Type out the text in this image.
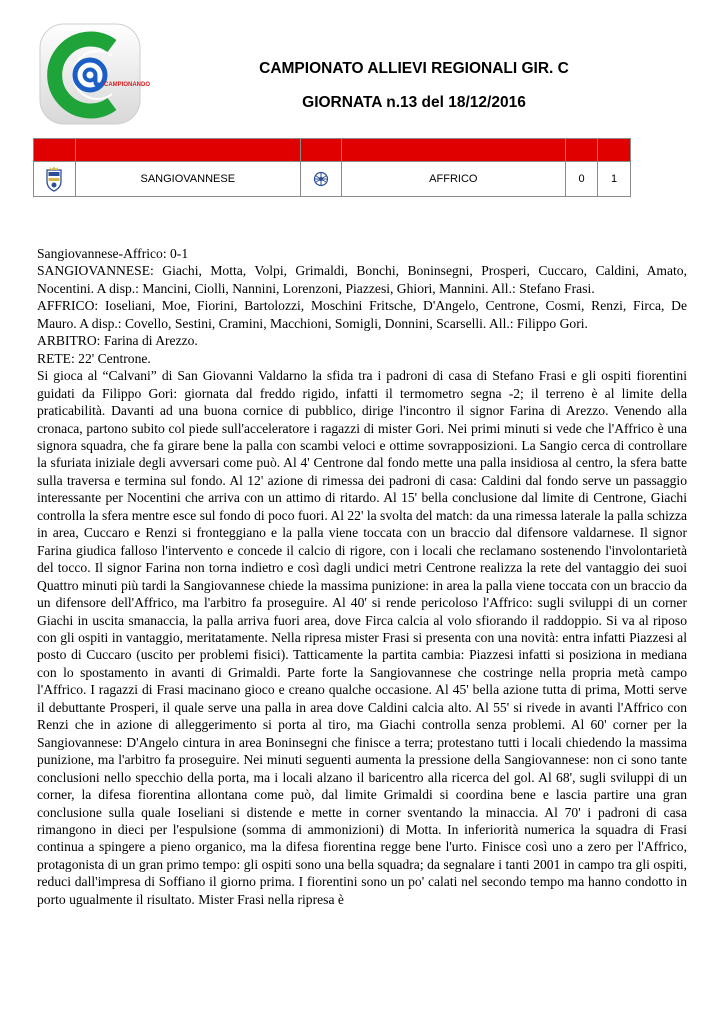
CAMPIONANDO
CAMPIONATO ALLIEVI REGIONALI GIR. C
GIORNATA n.13 del 18/12/2016

	SANGIOVANNESE		AFFRICO	0	1

Sangiovannese-Affrico: 0-1

SANGIOVANNESE: Giachi, Motta, Volpi, Grimaldi, Bonchi, Boninsegni, Prosperi, Cuccaro, Caldini, Amato, Nocentini. A disp.: Mancini, Ciolli, Nannini, Lorenzoni, Piazzesi, Ghiori, Mannini. All.: Stefano Frasi.

AFFRICO: Ioseliani, Moe, Fiorini, Bartolozzi, Moschini Fritsche, D'Angelo, Centrone, Cosmi, Renzi, Firca, De Mauro. A disp.: Covello, Sestini, Cramini, Macchioni, Somigli, Donnini, Scarselli. All.: Filippo Gori.

ARBITRO: Farina di Arezzo.

RETE: 22' Centrone.

Si gioca al “Calvani” di San Giovanni Valdarno la sfida tra i padroni di casa di Stefano Frasi e gli ospiti fiorentini guidati da Filippo Gori: giornata dal freddo rigido, infatti il termometro segna -2; il terreno è al limite della praticabilità. Davanti ad una buona cornice di pubblico, dirige l'incontro il signor Farina di Arezzo. Venendo alla cronaca, partono subito col piede sull'acceleratore i ragazzi di mister Gori. Nei primi minuti si vede che l'Affrico è una signora squadra, che fa girare bene la palla con scambi veloci e ottime sovrapposizioni. La Sangio cerca di controllare la sfuriata iniziale degli avversari come può. Al 4' Centrone dal fondo mette una palla insidiosa al centro, la sfera batte sulla traversa e termina sul fondo. Al 12' azione di rimessa dei padroni di casa: Caldini dal fondo serve un passaggio interessante per Nocentini che arriva con un attimo di ritardo. Al 15' bella conclusione dal limite di Centrone, Giachi controlla la sfera mentre esce sul fondo di poco fuori. Al 22' la svolta del match: da una rimessa laterale la palla schizza in area, Cuccaro e Renzi si fronteggiano e la palla viene toccata con un braccio dal difensore valdarnese. Il signor Farina giudica falloso l'intervento e concede il calcio di rigore, con i locali che reclamano sostenendo l'involontarietà del tocco. Il signor Farina non torna indietro e così dagli undici metri Centrone realizza la rete del vantaggio dei suoi Quattro minuti più tardi la Sangiovannese chiede la massima punizione: in area la palla viene toccata con un braccio da un difensore dell'Affrico, ma l'arbitro fa proseguire. Al 40' si rende pericoloso l'Affrico: sugli sviluppi di un corner Giachi in uscita smanaccia, la palla arriva fuori area, dove Firca calcia al volo sfiorando il raddoppio. Si va al riposo con gli ospiti in vantaggio, meritatamente. Nella ripresa mister Frasi si presenta con una novità: entra infatti Piazzesi al posto di Cuccaro (uscito per problemi fisici). Tatticamente la partita cambia: Piazzesi infatti si posiziona in mediana con lo spostamento in avanti di Grimaldi. Parte forte la Sangiovannese che costringe nella propria metà campo l'Affrico. I ragazzi di Frasi macinano gioco e creano qualche occasione. Al 45' bella azione tutta di prima, Motti serve il debuttante Prosperi, il quale serve una palla in area dove Caldini calcia alto. Al 55' si rivede in avanti l'Affrico con Renzi che in azione di alleggerimento si porta al tiro, ma Giachi controlla senza problemi. Al 60' corner per la Sangiovannese: D'Angelo cintura in area Boninsegni che finisce a terra; protestano tutti i locali chiedendo la massima punizione, ma l'arbitro fa proseguire. Nei minuti seguenti aumenta la pressione della Sangiovannese: non ci sono tante conclusioni nello specchio della porta, ma i locali alzano il baricentro alla ricerca del gol. Al 68', sugli sviluppi di un corner, la difesa fiorentina allontana come può, dal limite Grimaldi si coordina bene e lascia partire una gran conclusione sulla quale Ioseliani si distende e mette in corner sventando la minaccia. Al 70' i padroni di casa rimangono in dieci per l'espulsione (somma di ammonizioni) di Motta. In inferiorità numerica la squadra di Frasi continua a spingere a pieno organico, ma la difesa fiorentina regge bene l'urto. Finisce così uno a zero per l'Affrico, protagonista di un gran primo tempo: gli ospiti sono una bella squadra; da segnalare i tanti 2001 in campo tra gli ospiti, reduci dall'impresa di Soffiano il giorno prima. I fiorentini sono un po' calati nel secondo tempo ma hanno condotto in porto ugualmente il risultato. Mister Frasi nella ripresa è
